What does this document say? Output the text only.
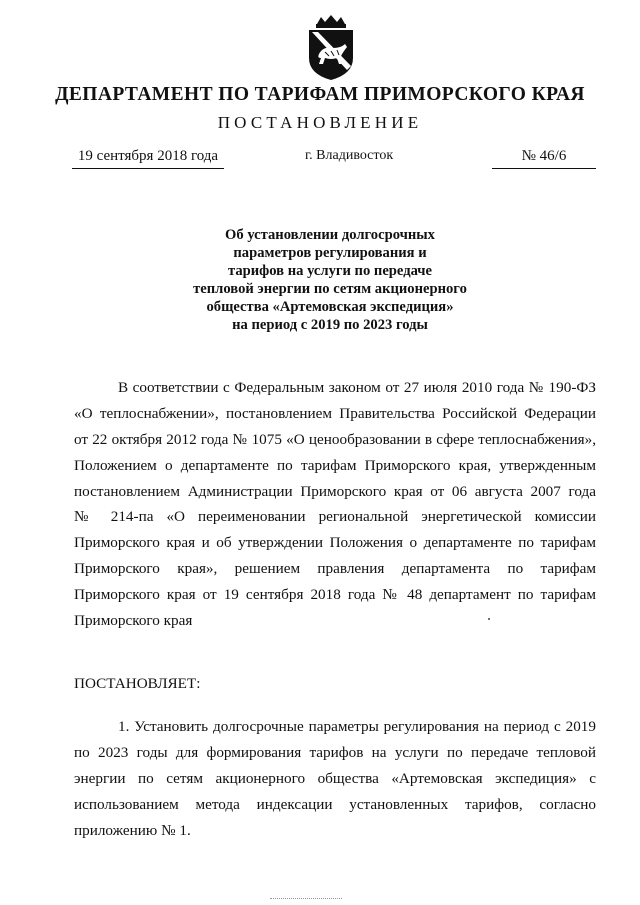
ДЕПАРТАМЕНТ ПО ТАРИФАМ ПРИМОРСКОГО КРАЯ
ПОСТАНОВЛЕНИЕ
19 сентября 2018 года	г. Владивосток	№ 46/6
Об установлении долгосрочных
параметров регулирования и
тарифов на услуги по передаче
тепловой энергии по сетям акционерного
общества «Артемовская экспедиция»
на период с 2019 по 2023 годы
В соответствии с Федеральным законом от 27 июля 2010 года № 190-ФЗ
«О теплоснабжении», постановлением Правительства Российской Федерации
от 22 октября 2012 года № 1075 «О ценообразовании в сфере теплоснабжения»,
Положением о департаменте по тарифам Приморского края, утвержденным
постановлением Администрации Приморского края от 06 августа 2007 года
№ 214-па «О переименовании региональной энергетической комиссии
Приморского края и об утверждении Положения о департаменте по тарифам
Приморского края», решением правления департамента по тарифам
Приморского края от 19 сентября 2018 года № 48 департамент по тарифам
Приморского края
ПОСТАНОВЛЯЕТ:
1. Установить долгосрочные параметры регулирования на период с 2019
по 2023 годы для формирования тарифов на услуги по передаче тепловой
энергии по сетям акционерного общества «Артемовская экспедиция» с
использованием метода индексации установленных тарифов, согласно
приложению № 1.
